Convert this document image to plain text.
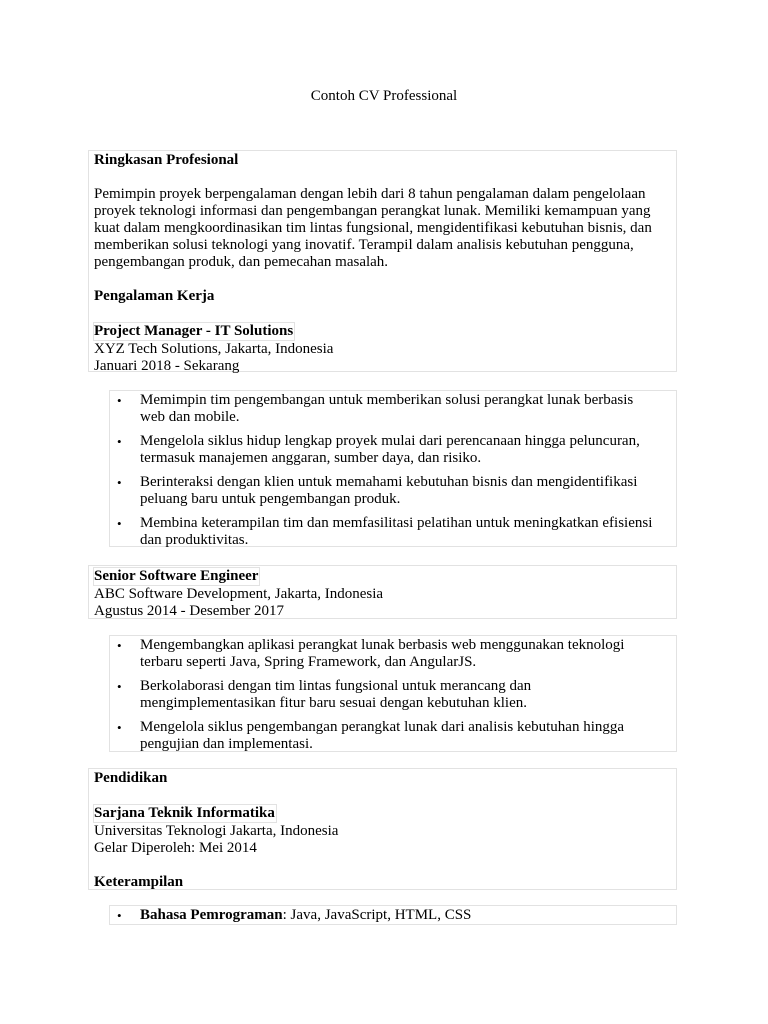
Contoh CV Professional
Ringkasan Profesional
Pemimpin proyek berpengalaman dengan lebih dari 8 tahun pengalaman dalam pengelolaan
proyek teknologi informasi dan pengembangan perangkat lunak. Memiliki kemampuan yang
kuat dalam mengkoordinasikan tim lintas fungsional, mengidentifikasi kebutuhan bisnis, dan
memberikan solusi teknologi yang inovatif. Terampil dalam analisis kebutuhan pengguna,
pengembangan produk, dan pemecahan masalah.
Pengalaman Kerja
Project Manager - IT Solutions
XYZ Tech Solutions, Jakarta, Indonesia
Januari 2018 - Sekarang
• Memimpin tim pengembangan untuk memberikan solusi perangkat lunak berbasis
web dan mobile.
• Mengelola siklus hidup lengkap proyek mulai dari perencanaan hingga peluncuran,
termasuk manajemen anggaran, sumber daya, dan risiko.
• Berinteraksi dengan klien untuk memahami kebutuhan bisnis dan mengidentifikasi
peluang baru untuk pengembangan produk.
• Membina keterampilan tim dan memfasilitasi pelatihan untuk meningkatkan efisiensi
dan produktivitas.
Senior Software Engineer
ABC Software Development, Jakarta, Indonesia
Agustus 2014 - Desember 2017
• Mengembangkan aplikasi perangkat lunak berbasis web menggunakan teknologi
terbaru seperti Java, Spring Framework, dan AngularJS.
• Berkolaborasi dengan tim lintas fungsional untuk merancang dan
mengimplementasikan fitur baru sesuai dengan kebutuhan klien.
• Mengelola siklus pengembangan perangkat lunak dari analisis kebutuhan hingga
pengujian dan implementasi.
Pendidikan
Sarjana Teknik Informatika
Universitas Teknologi Jakarta, Indonesia
Gelar Diperoleh: Mei 2014
Keterampilan
• Bahasa Pemrograman: Java, JavaScript, HTML, CSS
